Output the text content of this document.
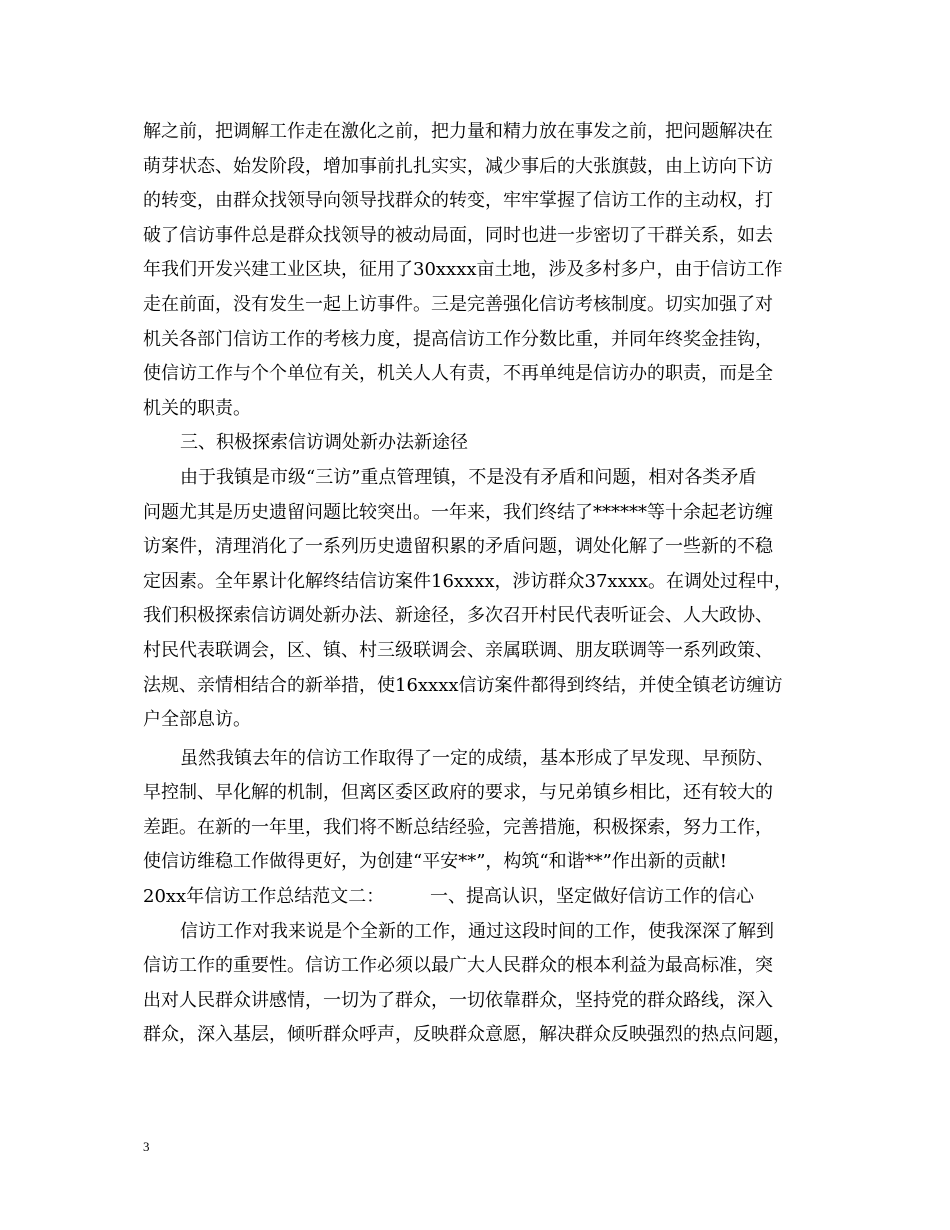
解之前，把调解工作走在激化之前，把力量和精力放在事发之前，把问题解决在
萌芽状态、始发阶段，增加事前扎扎实实，减少事后的大张旗鼓，由上访向下访
的转变，由群众找领导向领导找群众的转变，牢牢掌握了信访工作的主动权，打
破了信访事件总是群众找领导的被动局面，同时也进一步密切了干群关系，如去
年我们开发兴建工业区块，征用了30xxxx亩土地，涉及多村多户，由于信访工作
走在前面，没有发生一起上访事件。三是完善强化信访考核制度。切实加强了对
机关各部门信访工作的考核力度，提高信访工作分数比重，并同年终奖金挂钩，
使信访工作与个个单位有关，机关人人有责，不再单纯是信访办的职责，而是全
机关的职责。
三、积极探索信访调处新办法新途径
由于我镇是市级“三访”重点管理镇，不是没有矛盾和问题，相对各类矛盾
问题尤其是历史遗留问题比较突出。一年来，我们终结了******等十余起老访缠
访案件，清理消化了一系列历史遗留积累的矛盾问题，调处化解了一些新的不稳
定因素。全年累计化解终结信访案件16xxxx，涉访群众37xxxx。在调处过程中，
我们积极探索信访调处新办法、新途径，多次召开村民代表听证会、人大政协、
村民代表联调会，区、镇、村三级联调会、亲属联调、朋友联调等一系列政策、
法规、亲情相结合的新举措，使16xxxx信访案件都得到终结，并使全镇老访缠访
户全部息访。
虽然我镇去年的信访工作取得了一定的成绩，基本形成了早发现、早预防、
早控制、早化解的机制，但离区委区政府的要求，与兄弟镇乡相比，还有较大的
差距。在新的一年里，我们将不断总结经验，完善措施，积极探索，努力工作，
使信访维稳工作做得更好，为创建“平安**”，构筑“和谐**”作出新的贡献!
20xx年信访工作总结范文二：        一、提高认识，坚定做好信访工作的信心
信访工作对我来说是个全新的工作，通过这段时间的工作，使我深深了解到
信访工作的重要性。信访工作必须以最广大人民群众的根本利益为最高标准，突
出对人民群众讲感情，一切为了群众，一切依靠群众，坚持党的群众路线，深入
群众，深入基层，倾听群众呼声，反映群众意愿，解决群众反映强烈的热点问题，
3
